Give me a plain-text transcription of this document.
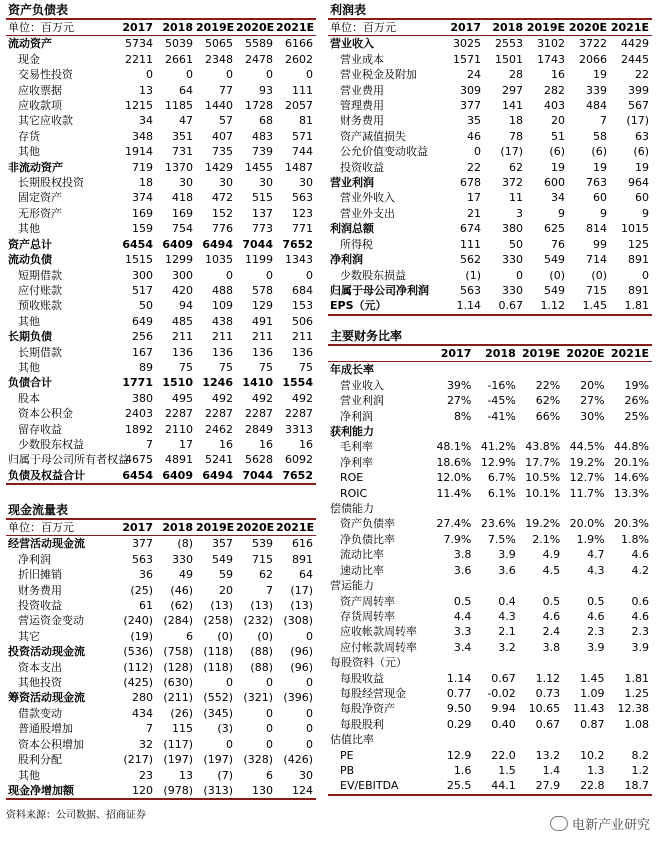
资产负债表
单位：百万元	2017	2018	2019E	2020E	2021E
流动资产	5734	5039	5065	5589	6166
现金	2211	2661	2348	2478	2602
交易性投资	0	0	0	0	0
应收票据	13	64	77	93	111
应收款项	1215	1185	1440	1728	2057
其它应收款	34	47	57	68	81
存货	348	351	407	483	571
其他	1914	731	735	739	744
非流动资产	719	1370	1429	1455	1487
长期股权投资	18	30	30	30	30
固定资产	374	418	472	515	563
无形资产	169	169	152	137	123
其他	159	754	776	773	771
资产总计	6454	6409	6494	7044	7652
流动负债	1515	1299	1035	1199	1343
短期借款	300	300	0	0	0
应付账款	517	420	488	578	684
预收账款	50	94	109	129	153
其他	649	485	438	491	506
长期负债	256	211	211	211	211
长期借款	167	136	136	136	136
其他	89	75	75	75	75
负债合计	1771	1510	1246	1410	1554
股本	380	495	492	492	492
资本公积金	2403	2287	2287	2287	2287
留存收益	1892	2110	2462	2849	3313
少数股东权益	7	17	16	16	16
归属于母公司所有者权益	4675	4891	5241	5628	6092
负债及权益合计	6454	6409	6494	7044	7652
现金流量表
单位：百万元	2017	2018	2019E	2020E	2021E
经营活动现金流	377	(8)	357	539	616
净利润	563	330	549	715	891
折旧摊销	36	49	59	62	64
财务费用	(25)	(46)	20	7	(17)
投资收益	61	(62)	(13)	(13)	(13)
营运资金变动	(240)	(284)	(258)	(232)	(308)
其它	(19)	6	(0)	(0)	0
投资活动现金流	(536)	(758)	(118)	(88)	(96)
资本支出	(112)	(128)	(118)	(88)	(96)
其他投资	(425)	(630)	0	0	0
筹资活动现金流	280	(211)	(552)	(321)	(396)
借款变动	434	(26)	(345)	0	0
普通股增加	7	115	(3)	0	0
资本公积增加	32	(117)	0	0	0
股利分配	(217)	(197)	(197)	(328)	(426)
其他	23	13	(7)	6	30
现金净增加额	120	(978)	(313)	130	124
利润表
单位：百万元	2017	2018	2019E	2020E	2021E
营业收入	3025	2553	3102	3722	4429
营业成本	1571	1501	1743	2066	2445
营业税金及附加	24	28	16	19	22
营业费用	309	297	282	339	399
管理费用	377	141	403	484	567
财务费用	35	18	20	7	(17)
资产减值损失	46	78	51	58	63
公允价值变动收益	0	(17)	(6)	(6)	(6)
投资收益	22	62	19	19	19
营业利润	678	372	600	763	964
营业外收入	17	11	34	60	60
营业外支出	21	3	9	9	9
利润总额	674	380	625	814	1015
所得税	111	50	76	99	125
净利润	562	330	549	714	891
少数股东损益	(1)	0	(0)	(0)	0
归属于母公司净利润	563	330	549	715	891
EPS（元）	1.14	0.67	1.12	1.45	1.81
主要财务比率
	2017	2018	2019E	2020E	2021E
年成长率					
营业收入	39%	-16%	22%	20%	19%
营业利润	27%	-45%	62%	27%	26%
净利润	8%	-41%	66%	30%	25%
获利能力					
毛利率	48.1%	41.2%	43.8%	44.5%	44.8%
净利率	18.6%	12.9%	17.7%	19.2%	20.1%
ROE	12.0%	6.7%	10.5%	12.7%	14.6%
ROIC	11.4%	6.1%	10.1%	11.7%	13.3%
偿债能力					
资产负债率	27.4%	23.6%	19.2%	20.0%	20.3%
净负债比率	7.9%	7.5%	2.1%	1.9%	1.8%
流动比率	3.8	3.9	4.9	4.7	4.6
速动比率	3.6	3.6	4.5	4.3	4.2
营运能力					
资产周转率	0.5	0.4	0.5	0.5	0.6
存货周转率	4.4	4.3	4.6	4.6	4.6
应收帐款周转率	3.3	2.1	2.4	2.3	2.3
应付帐款周转率	3.4	3.2	3.8	3.9	3.9
每股资料（元）					
每股收益	1.14	0.67	1.12	1.45	1.81
每股经营现金	0.77	-0.02	0.73	1.09	1.25
每股净资产	9.50	9.94	10.65	11.43	12.38
每股股利	0.29	0.40	0.67	0.87	1.08
估值比率					
PE	12.9	22.0	13.2	10.2	8.2
PB	1.6	1.5	1.4	1.3	1.2
EV/EBITDA	25.5	44.1	27.9	22.8	18.7
资料来源：公司数据、招商证券
电新产业研究
